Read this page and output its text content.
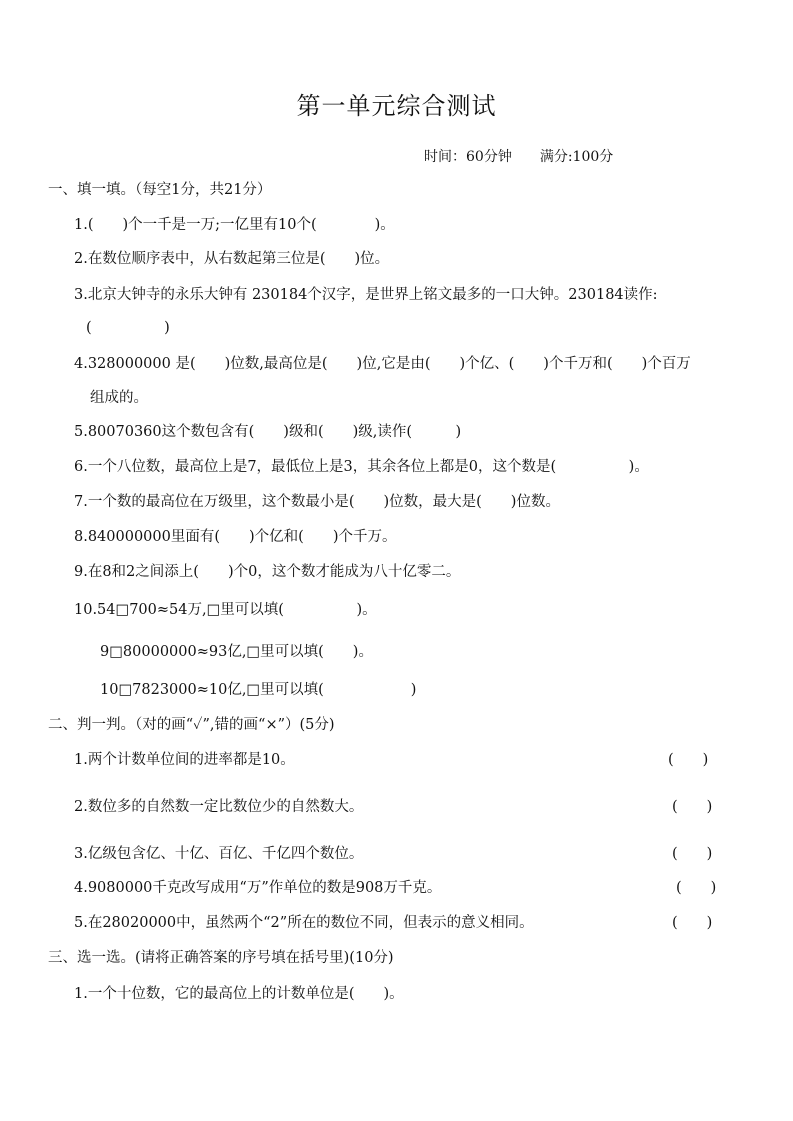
第一单元综合测试
时间：60分钟　　满分:100分
一、填一填。（每空1分，共21分）
1.(　　)个一千是一万;一亿里有10个(　　　　)。
2.在数位顺序表中，从右数起第三位是(　　)位。
3.北京大钟寺的永乐大钟有 230184个汉字，是世界上铭文最多的一口大钟。230184读作:
(　　　　　)
4.328000000 是(　　)位数,最高位是(　　)位,它是由(　　)个亿、(　　)个千万和(　　)个百万
组成的。
5.80070360这个数包含有(　　)级和(　　)级,读作(　　　)
6.一个八位数，最高位上是7，最低位上是3，其余各位上都是0，这个数是(　　　　　)。
7.一个数的最高位在万级里，这个数最小是(　　)位数，最大是(　　)位数。
8.840000000里面有(　　)个亿和(　　)个千万。
9.在8和2之间添上(　　)个0，这个数才能成为八十亿零二。
10.54□700≈54万,□里可以填(　　　　　)。
9□80000000≈93亿,□里可以填(　　)。
10□7823000≈10亿,□里可以填(　　　　　　)
二、判一判。（对的画“✓”,错的画“×”）(5分)
1.两个计数单位间的进率都是10。	(　　)
2.数位多的自然数一定比数位少的自然数大。	(　　)
3.亿级包含亿、十亿、百亿、千亿四个数位。	(　　)
4.9080000千克改写成用“万”作单位的数是908万千克。	(　　)
5.在28020000中，虽然两个“2”所在的数位不同，但表示的意义相同。	(　　)
三、选一选。(请将正确答案的序号填在括号里)(10分)
1.一个十位数，它的最高位上的计数单位是(　　)。
